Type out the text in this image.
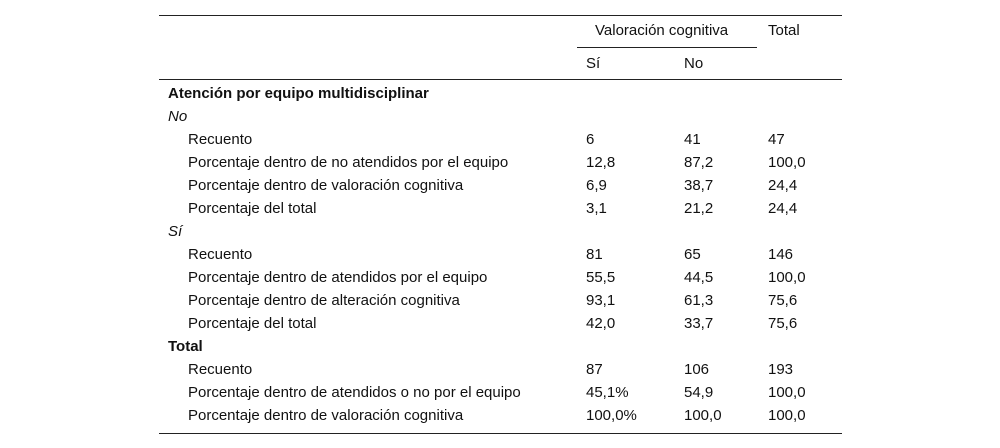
Valoración cognitiva	Total
Sí	No
Atención por equipo multidisciplinar
No
Recuento	6	41	47
Porcentaje dentro de no atendidos por el equipo	12,8	87,2	100,0
Porcentaje dentro de valoración cognitiva	6,9	38,7	24,4
Porcentaje del total	3,1	21,2	24,4
Sí
Recuento	81	65	146
Porcentaje dentro de atendidos por el equipo	55,5	44,5	100,0
Porcentaje dentro de alteración cognitiva	93,1	61,3	75,6
Porcentaje del total	42,0	33,7	75,6
Total
Recuento	87	106	193
Porcentaje dentro de atendidos o no por el equipo	45,1%	54,9	100,0
Porcentaje dentro de valoración cognitiva	100,0%	100,0	100,0
